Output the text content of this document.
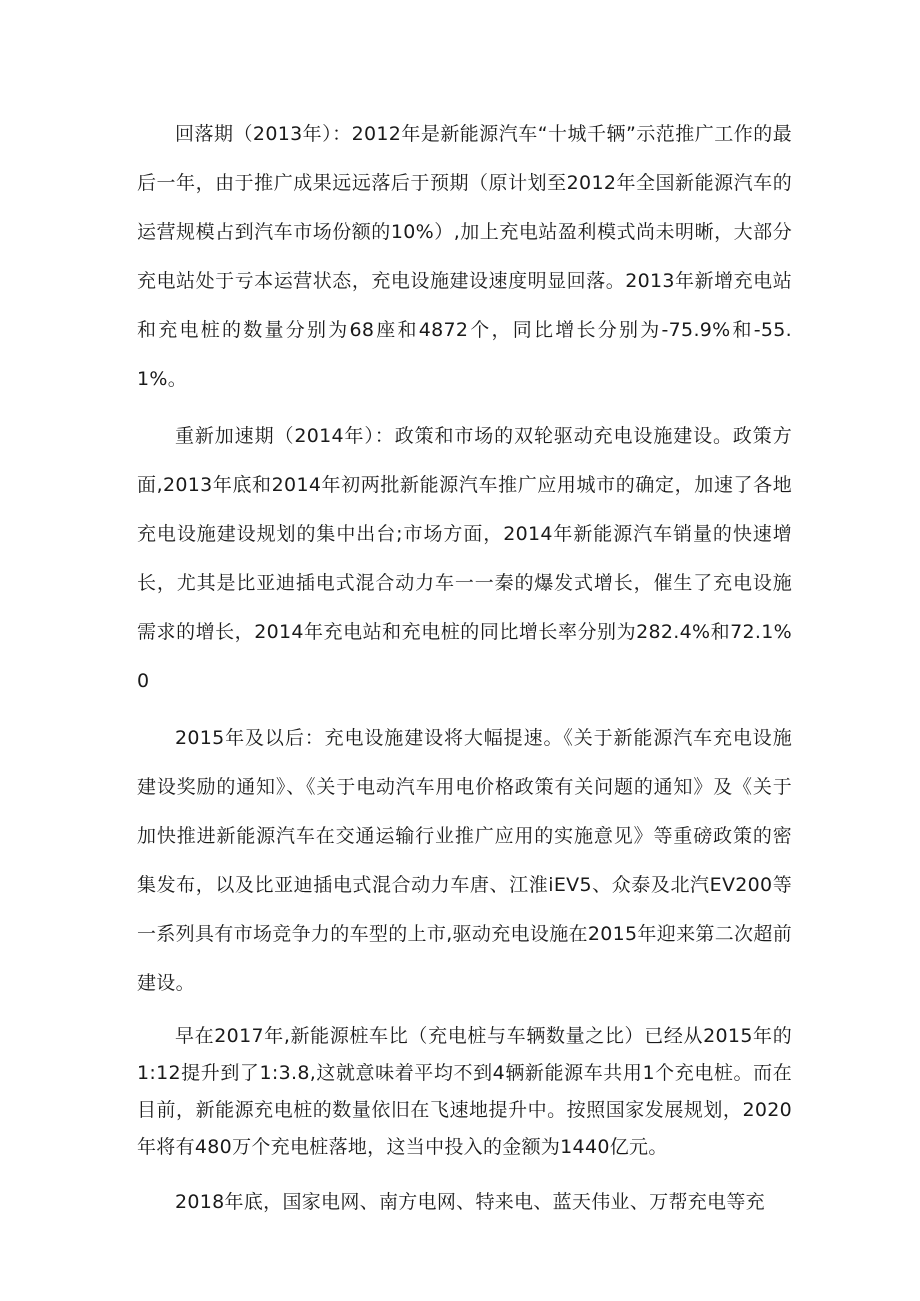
回落期（2013年）：2012年是新能源汽车“十城千辆”示范推广工作的最后一年，由于推广成果远远落后于预期（原计划至2012年全国新能源汽车的运营规模占到汽车市场份额的10%）,加上充电站盈利模式尚未明晰，大部分充电站处于亏本运营状态，充电设施建设速度明显回落。2013年新增充电站和充电桩的数量分别为68座和4872个，同比增长分别为-75.9%和-55.1%。

重新加速期（2014年）：政策和市场的双轮驱动充电设施建设。政策方面,2013年底和2014年初两批新能源汽车推广应用城市的确定，加速了各地充电设施建设规划的集中出台;市场方面，2014年新能源汽车销量的快速增长，尤其是比亚迪插电式混合动力车一一秦的爆发式增长，催生了充电设施需求的增长，2014年充电站和充电桩的同比增长率分别为282.4%和72.1%0

2015年及以后：充电设施建设将大幅提速。《关于新能源汽车充电设施建设奖励的通知》、《关于电动汽车用电价格政策有关问题的通知》及《关于加快推进新能源汽车在交通运输行业推广应用的实施意见》等重磅政策的密集发布，以及比亚迪插电式混合动力车唐、江淮iEV5、众泰及北汽EV200等一系列具有市场竞争力的车型的上市,驱动充电设施在2015年迎来第二次超前建设。

早在2017年,新能源桩车比（充电桩与车辆数量之比）已经从2015年的1:12提升到了1:3.8,这就意味着平均不到4辆新能源车共用1个充电桩。而在目前，新能源充电桩的数量依旧在飞速地提升中。按照国家发展规划，2020年将有480万个充电桩落地，这当中投入的金额为1440亿元。

2018年底，国家电网、南方电网、特来电、蓝天伟业、万帮充电等充
